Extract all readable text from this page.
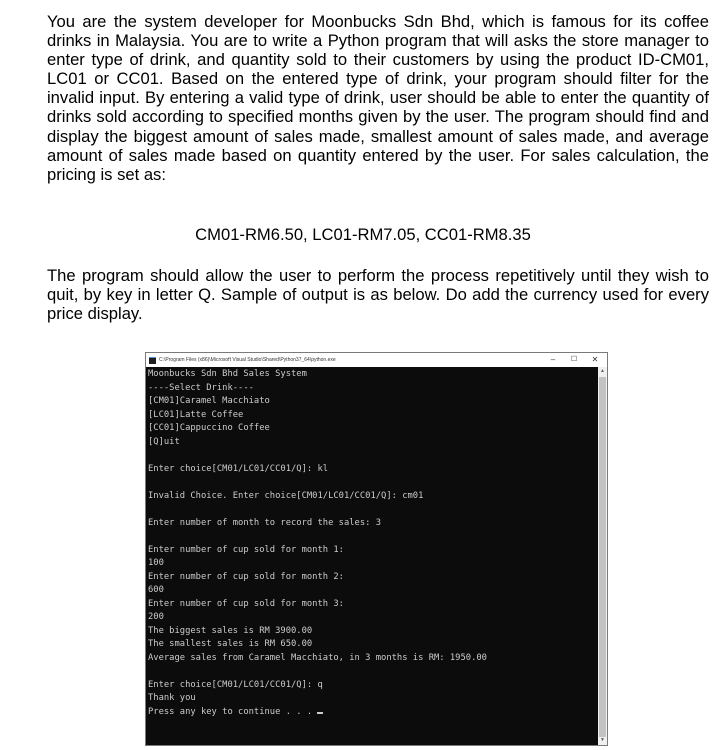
You are the system developer for Moonbucks Sdn Bhd, which is famous for its coffee drinks in Malaysia. You are to write a Python program that will asks the store manager to enter type of drink, and quantity sold to their customers by using the product ID-CM01, LC01 or CC01. Based on the entered type of drink, your program should filter for the invalid input. By entering a valid type of drink, user should be able to enter the quantity of drinks sold according to specified months given by the user. The program should find and display the biggest amount of sales made, smallest amount of sales made, and average amount of sales made based on quantity entered by the user. For sales calculation, the pricing is set as:

CM01-RM6.50, LC01-RM7.05, CC01-RM8.35

The program should allow the user to perform the process repetitively until they wish to quit, by key in letter Q. Sample of output is as below. Do add the currency used for every price display.

C:\Program Files (x86)\Microsoft Visual Studio\Shared\Python37_64\python.exe	–	☐	✕
Moonbucks Sdn Bhd Sales System
----Select Drink----
[CM01]Caramel Macchiato
[LC01]Latte Coffee
[CC01]Cappuccino Coffee
[Q]uit

Enter choice[CM01/LC01/CC01/Q]: kl

Invalid Choice. Enter choice[CM01/LC01/CC01/Q]: cm01

Enter number of month to record the sales: 3

Enter number of cup sold for month 1:
100
Enter number of cup sold for month 2:
600
Enter number of cup sold for month 3:
200
The biggest sales is RM 3900.00
The smallest sales is RM 650.00
Average sales from Caramel Macchiato, in 3 months is RM: 1950.00

Enter choice[CM01/LC01/CC01/Q]: q
Thank you
Press any key to continue . . .
▲
▼
